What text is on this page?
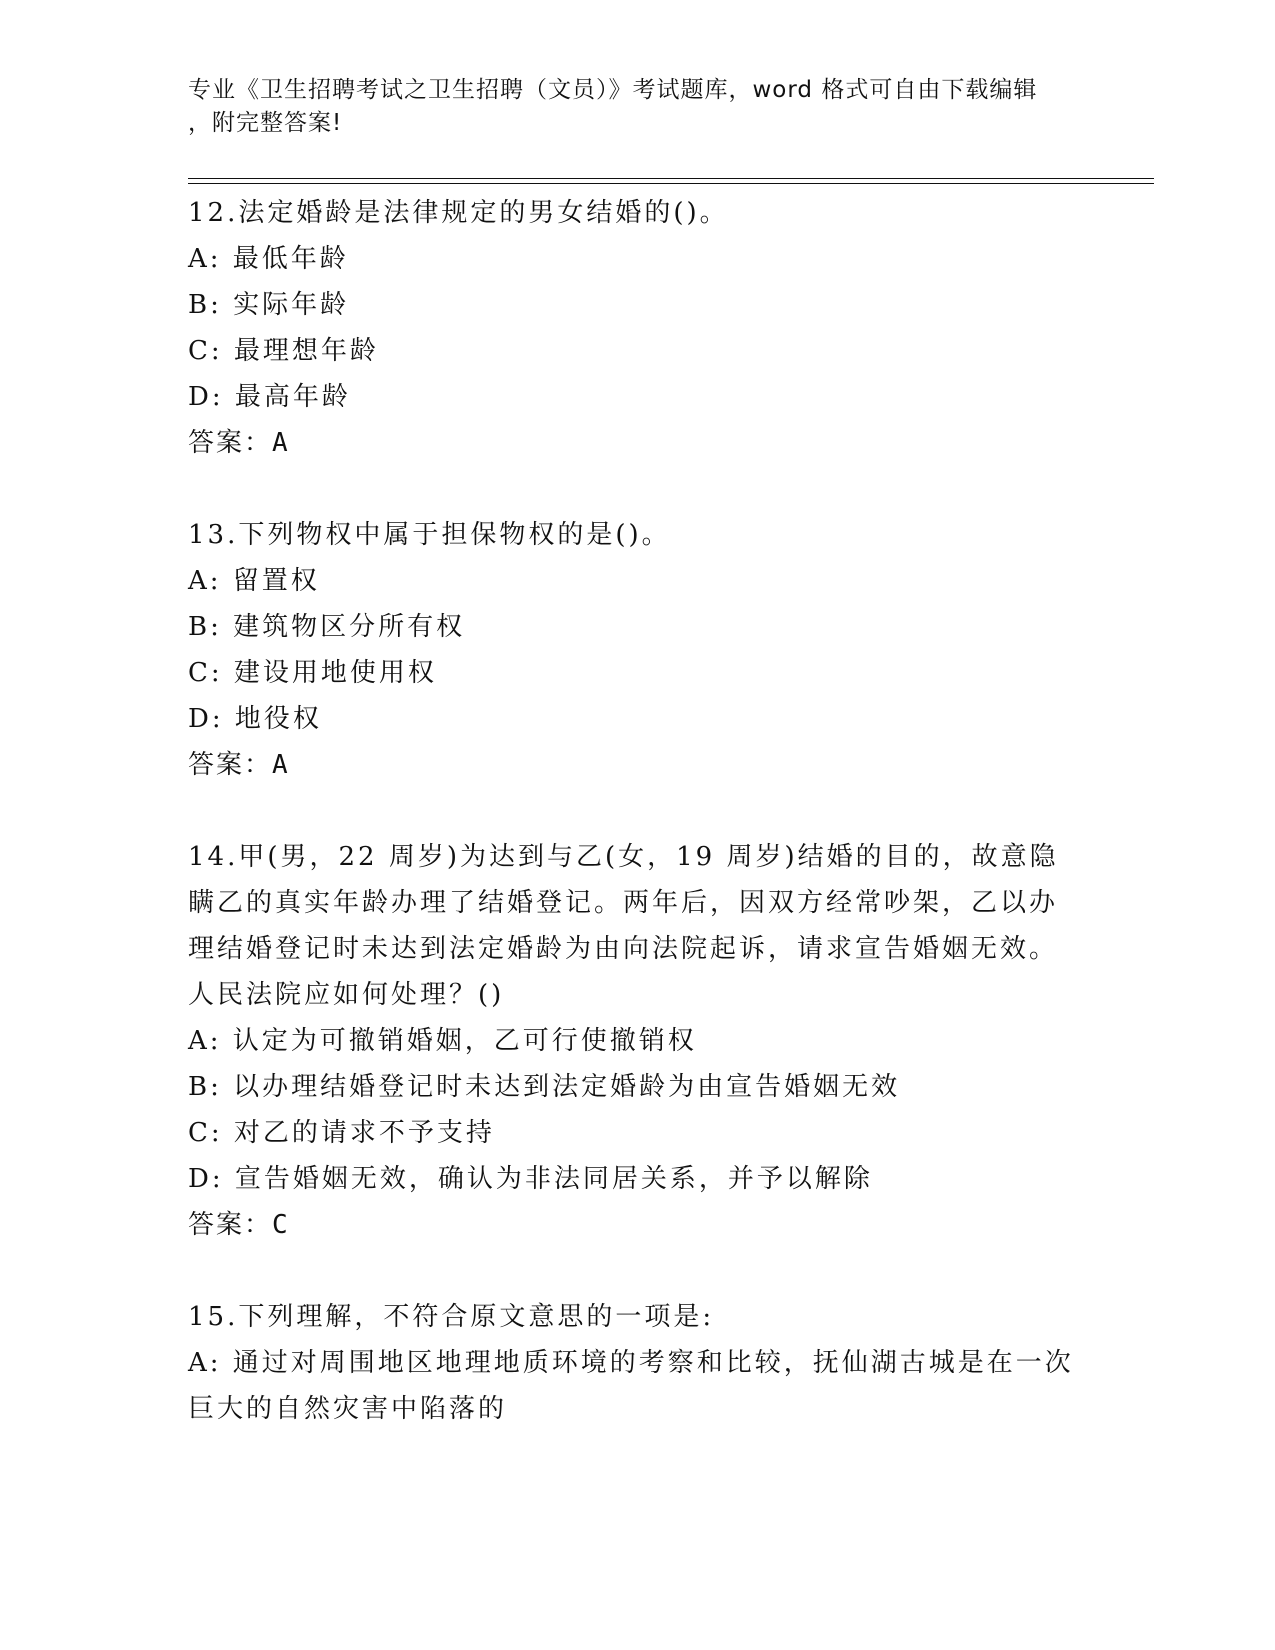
专业《卫生招聘考试之卫生招聘（文员）》考试题库，word 格式可自由下载编辑
，附完整答案!
12.法定婚龄是法律规定的男女结婚的()。
A: 最低年龄
B: 实际年龄
C: 最理想年龄
D: 最高年龄
答案：A
13.下列物权中属于担保物权的是()。
A: 留置权
B: 建筑物区分所有权
C: 建设用地使用权
D: 地役权
答案：A
14.甲(男，22 周岁)为达到与乙(女，19 周岁)结婚的目的，故意隐瞒乙的真实年龄办理了结婚登记。两年后，因双方经常吵架，乙以办理结婚登记时未达到法定婚龄为由向法院起诉，请求宣告婚姻无效。人民法院应如何处理？()
A: 认定为可撤销婚姻，乙可行使撤销权
B: 以办理结婚登记时未达到法定婚龄为由宣告婚姻无效
C: 对乙的请求不予支持
D: 宣告婚姻无效，确认为非法同居关系，并予以解除
答案：C
15.下列理解，不符合原文意思的一项是:
A: 通过对周围地区地理地质环境的考察和比较，抚仙湖古城是在一次巨大的自然灾害中陷落的
